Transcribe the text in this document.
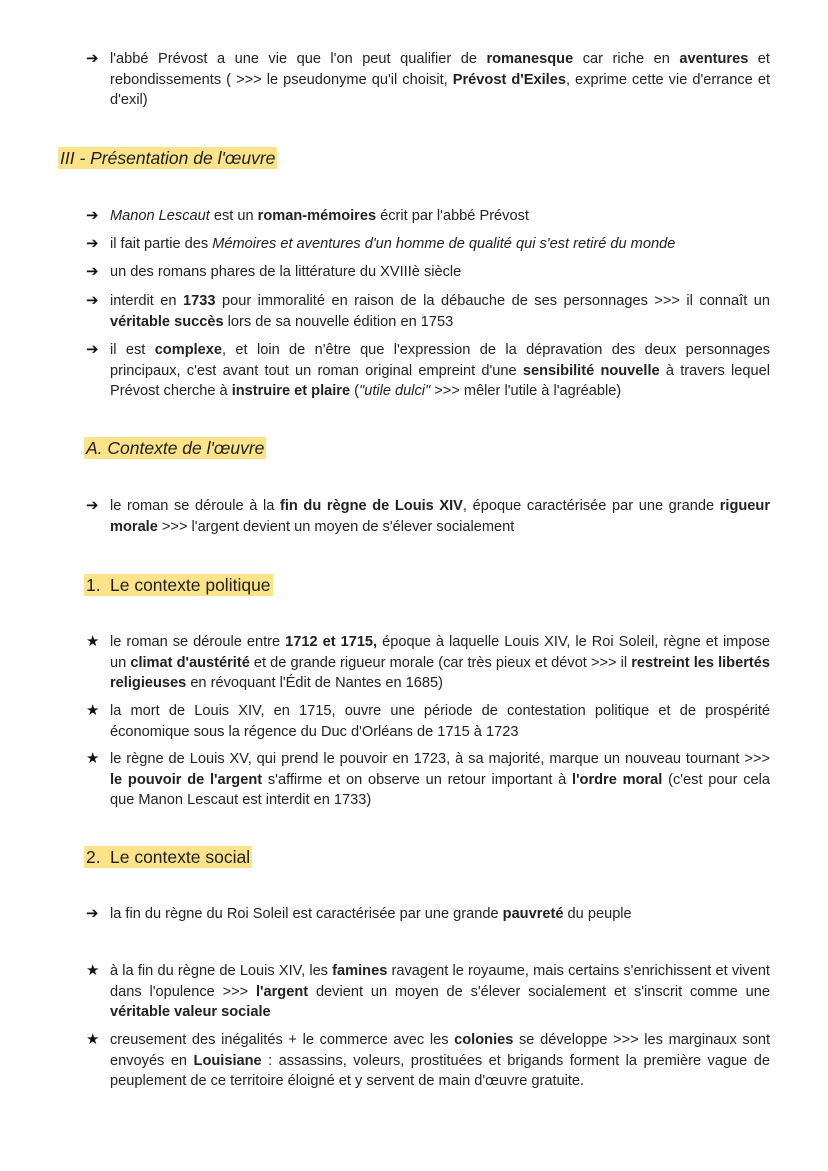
➔ l'abbé Prévost a une vie que l'on peut qualifier de romanesque car riche en aventures et rebondissements ( >>> le pseudonyme qu'il choisit, Prévost d'Exiles, exprime cette vie d'errance et d'exil)
III - Présentation de l'œuvre
➔ Manon Lescaut est un roman-mémoires écrit par l'abbé Prévost
➔ il fait partie des Mémoires et aventures d'un homme de qualité qui s'est retiré du monde
➔ un des romans phares de la littérature du XVIIIè siècle
➔ interdit en 1733 pour immoralité en raison de la débauche de ses personnages >>> il connaît un véritable succès lors de sa nouvelle édition en 1753
➔ il est complexe, et loin de n'être que l'expression de la dépravation des deux personnages principaux, c'est avant tout un roman original empreint d'une sensibilité nouvelle à travers lequel Prévost cherche à instruire et plaire ("utile dulci" >>> mêler l'utile à l'agréable)
A. Contexte de l'œuvre
➔ le roman se déroule à la fin du règne de Louis XIV, époque caractérisée par une grande rigueur morale >>> l'argent devient un moyen de s'élever socialement
1. Le contexte politique
★ le roman se déroule entre 1712 et 1715, époque à laquelle Louis XIV, le Roi Soleil, règne et impose un climat d'austérité et de grande rigueur morale (car très pieux et dévot >>> il restreint les libertés religieuses en révoquant l'Édit de Nantes en 1685)
★ la mort de Louis XIV, en 1715, ouvre une période de contestation politique et de prospérité économique sous la régence du Duc d'Orléans de 1715 à 1723
★ le règne de Louis XV, qui prend le pouvoir en 1723, à sa majorité, marque un nouveau tournant >>> le pouvoir de l'argent s'affirme et on observe un retour important à l'ordre moral (c'est pour cela que Manon Lescaut est interdit en 1733)
2. Le contexte social
➔ la fin du règne du Roi Soleil est caractérisée par une grande pauvreté du peuple
★ à la fin du règne de Louis XIV, les famines ravagent le royaume, mais certains s'enrichissent et vivent dans l'opulence >>> l'argent devient un moyen de s'élever socialement et s'inscrit comme une véritable valeur sociale
★ creusement des inégalités + le commerce avec les colonies se développe >>> les marginaux sont envoyés en Louisiane : assassins, voleurs, prostituées et brigands forment la première vague de peuplement de ce territoire éloigné et y servent de main d'œuvre gratuite.
